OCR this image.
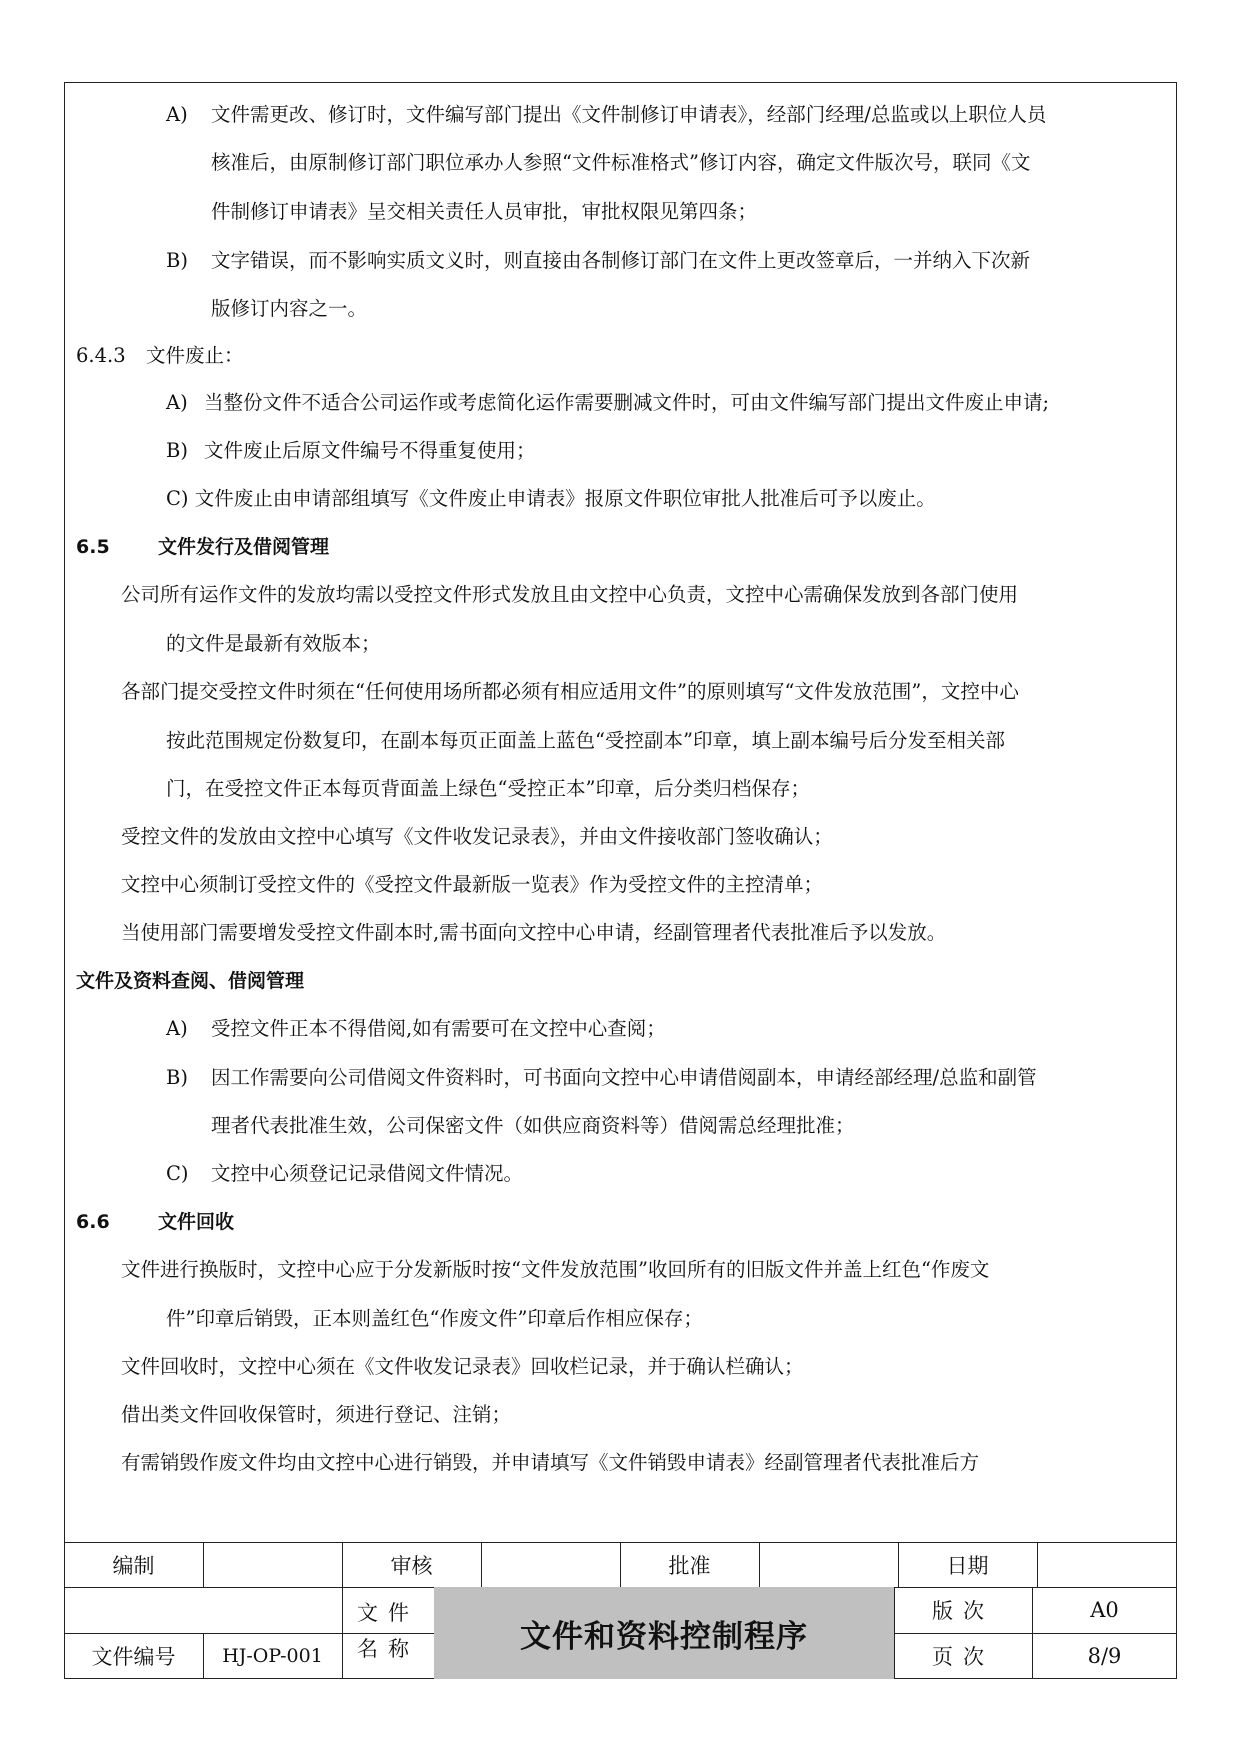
A) 文件需更改、修订时，文件编写部门提出《文件制修订申请表》，经部门经理/总监或以上职位人员
核准后，由原制修订部门职位承办人参照“文件标准格式”修订内容，确定文件版次号，联同《文
件制修订申请表》呈交相关责任人员审批，审批权限见第四条；
B) 文字错误，而不影响实质文义时，则直接由各制修订部门在文件上更改签章后，一并纳入下次新
版修订内容之一。
6.4.3 文件废止：
A) 当整份文件不适合公司运作或考虑简化运作需要删减文件时，可由文件编写部门提出文件废止申请;
B) 文件废止后原文件编号不得重复使用；
C) 文件废止由申请部组填写《文件废止申请表》报原文件职位审批人批准后可予以废止。
6.5	文件发行及借阅管理
公司所有运作文件的发放均需以受控文件形式发放且由文控中心负责，文控中心需确保发放到各部门使用
的文件是最新有效版本；
各部门提交受控文件时须在“任何使用场所都必须有相应适用文件”的原则填写“文件发放范围”，文控中心
按此范围规定份数复印，在副本每页正面盖上蓝色“受控副本”印章，填上副本编号后分发至相关部
门，在受控文件正本每页背面盖上绿色“受控正本”印章，后分类归档保存；
受控文件的发放由文控中心填写《文件收发记录表》，并由文件接收部门签收确认；
文控中心须制订受控文件的《受控文件最新版一览表》作为受控文件的主控清单；
当使用部门需要增发受控文件副本时,需书面向文控中心申请，经副管理者代表批准后予以发放。
文件及资料查阅、借阅管理
A) 受控文件正本不得借阅,如有需要可在文控中心查阅；
B) 因工作需要向公司借阅文件资料时，可书面向文控中心申请借阅副本，申请经部经理/总监和副管
理者代表批准生效，公司保密文件（如供应商资料等）借阅需总经理批准；
C) 文控中心须登记记录借阅文件情况。
6.6	文件回收
文件进行换版时，文控中心应于分发新版时按“文件发放范围”收回所有的旧版文件并盖上红色“作废文
件”印章后销毁，正本则盖红色“作废文件”印章后作相应保存；
文件回收时，文控中心须在《文件收发记录表》回收栏记录，并于确认栏确认；
借出类文件回收保管时，须进行登记、注销；
有需销毁作废文件均由文控中心进行销毁，并申请填写《文件销毁申请表》经副管理者代表批准后方
编制	审核	批准	日期
文件
名称	文件和资料控制程序
版次	A0
文件编号	HJ-OP-001	页次	8/9
